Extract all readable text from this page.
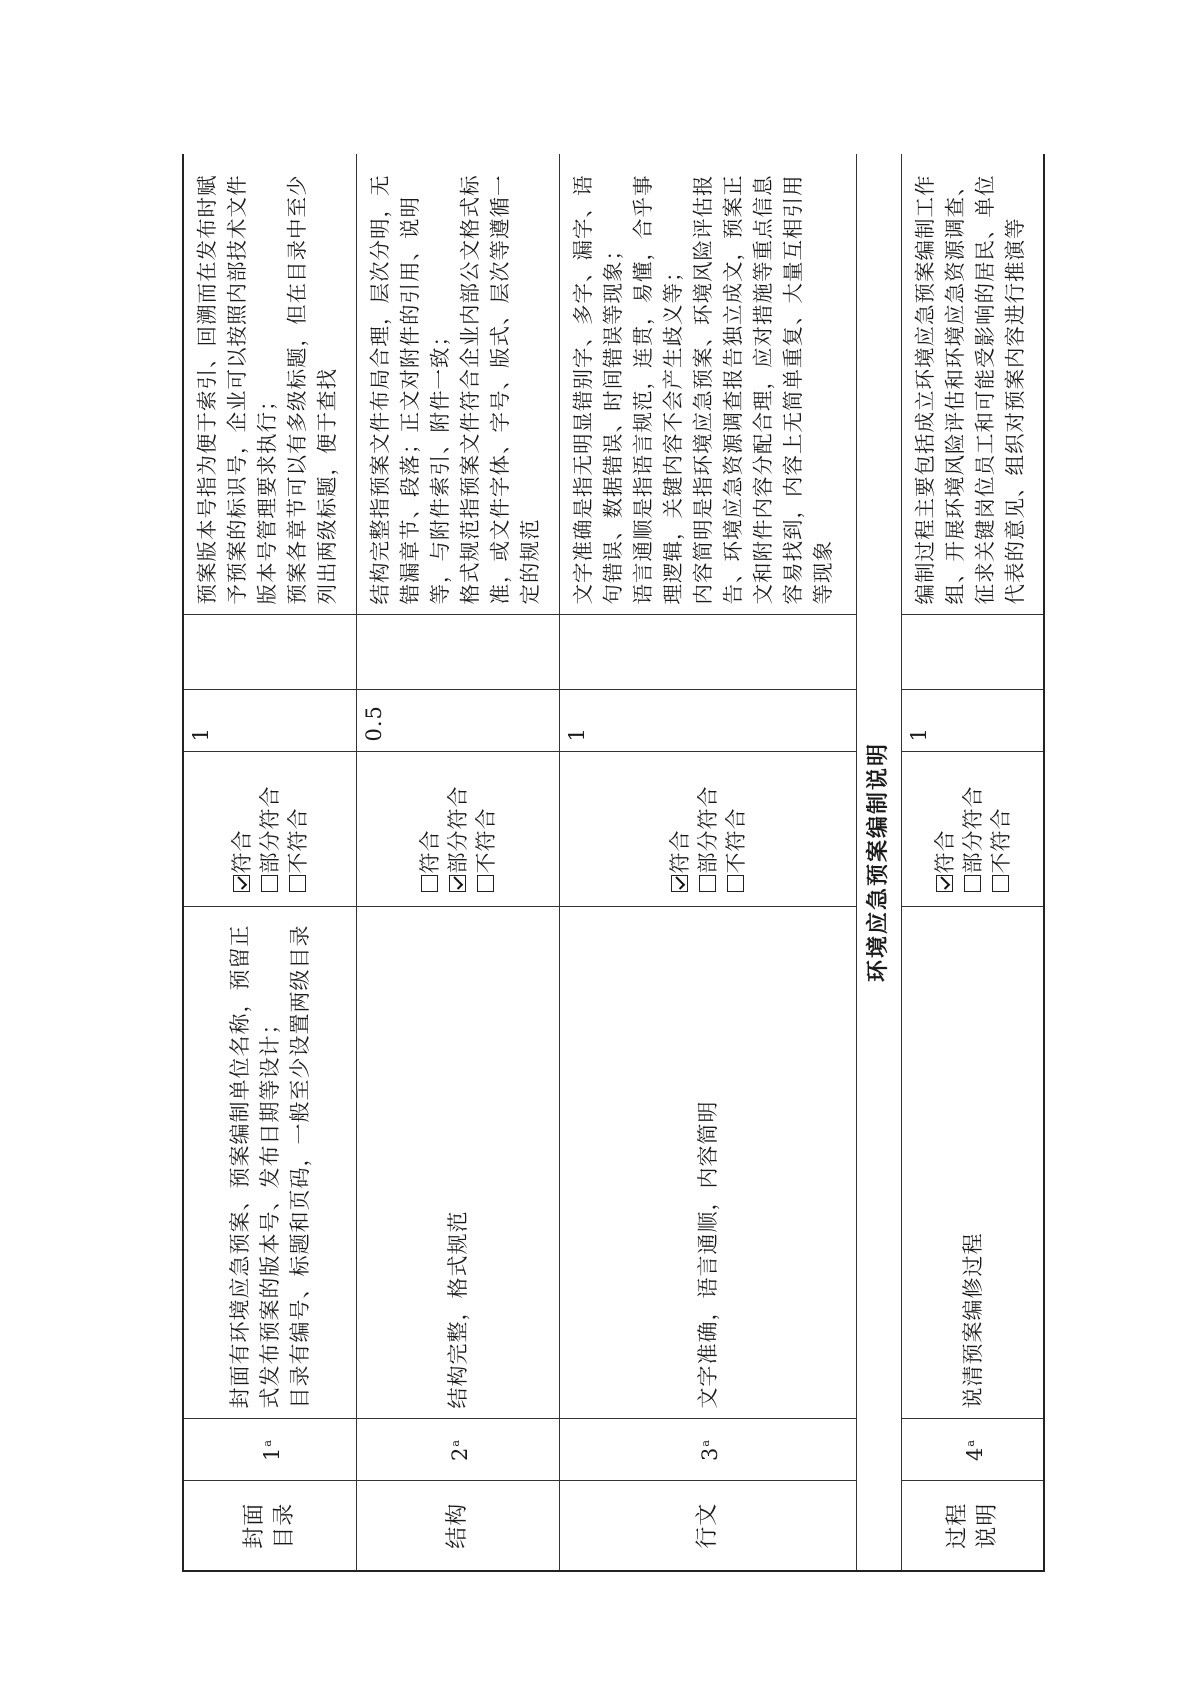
封面目录	1$^a$	封面有环境应急预案、预案编制单位名称，预留正式发布预案的版本号、发布日期等设计； 目录有编号、标题和页码，一般至少设置两级目录	符合 部分符合 不符合	1		预案版本号指为便于索引、回溯而在发布时赋予预案的标识号，企业可以按照内部技术文件版本号管理要求执行； 预案各章节可以有多级标题，但在目录中至少列出两级标题，便于查找

结构	2$^a$	结构完整，格式规范	符合 部分符合 不符合	0.5		结构完整指预案文件布局合理，层次分明，无错漏章节、段落；正文对附件的引用、说明等，与附件索引、附件一致； 格式规范指预案文件符合企业内部公文格式标准，或文件字体、字号、版式、层次等遵循一定的规范

行文	3$^a$	文字准确，语言通顺，内容简明	符合 部分符合 不符合	1		文字准确是指无明显错别字、多字、漏字、语句错误、数据错误、时间错误等现象； 语言通顺是指语言规范，连贯，易懂，合乎事理逻辑，关键内容不会产生歧义等； 内容简明是指环境应急预案、环境风险评估报告、环境应急资源调查报告独立成文，预案正文和附件内容分配合理，应对措施等重点信息容易找到，内容上无简单重复、大量互相引用等现象

环境应急预案编制说明						
过程说明	4$^a$	说清预案编修过程	符合 部分符合 不符合	1		编制过程主要包括成立环境应急预案编制工作组、开展环境风险评估和环境应急资源调查、征求关键岗位员工和可能受影响的居民、单位代表的意见、组织对预案内容进行推演等
